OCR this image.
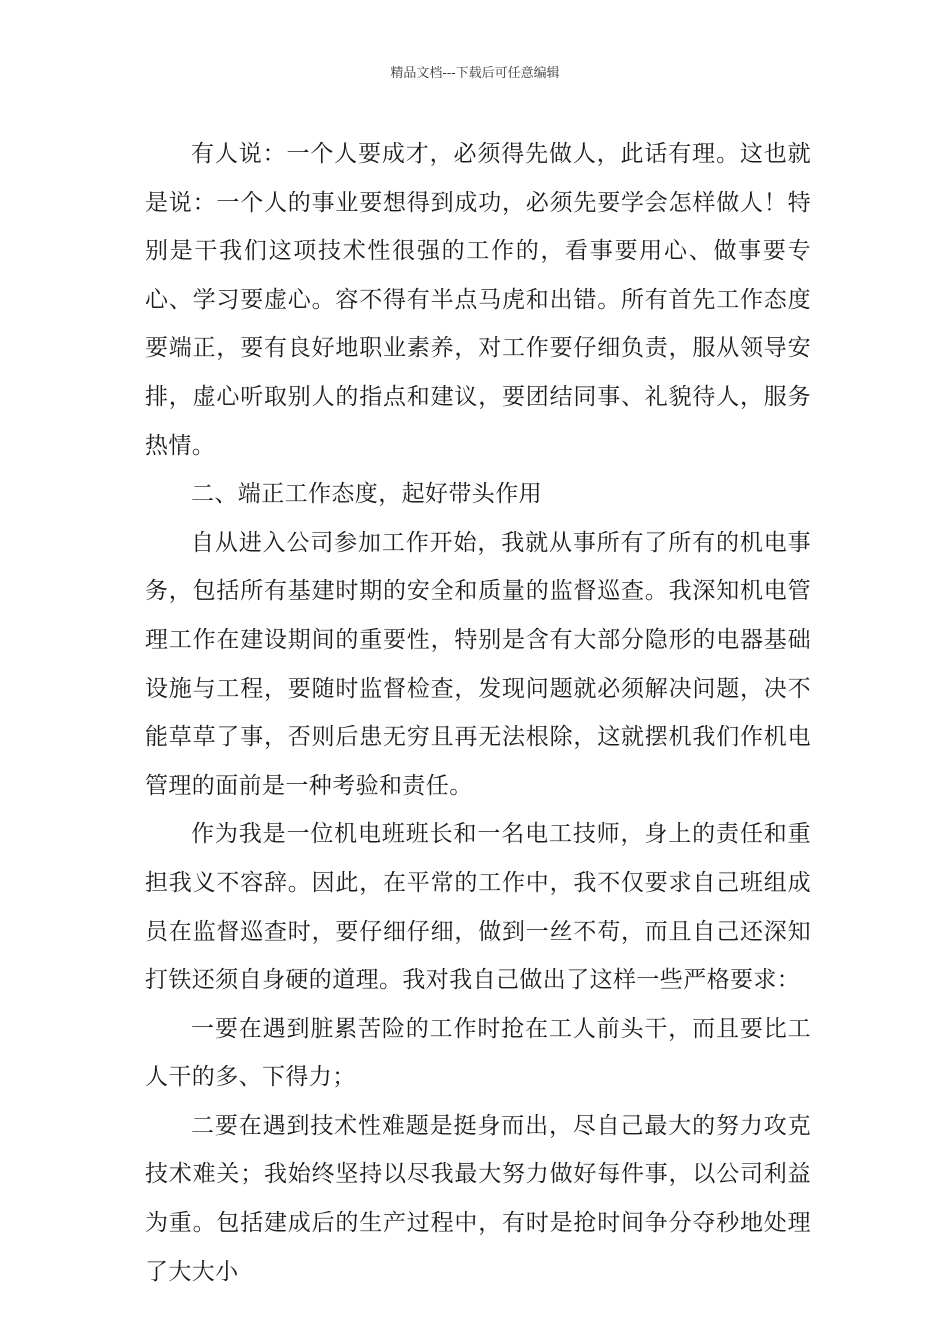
精品文档---下载后可任意编辑

有人说：一个人要成才，必须得先做人，此话有理。这也就是说：一个人的事业要想得到成功，必须先要学会怎样做人！特别是干我们这项技术性很强的工作的，看事要用心、做事要专心、学习要虚心。容不得有半点马虎和出错。所有首先工作态度要端正，要有良好地职业素养，对工作要仔细负责，服从领导安排，虚心听取别人的指点和建议，要团结同事、礼貌待人，服务热情。

二、端正工作态度，起好带头作用

自从进入公司参加工作开始，我就从事所有了所有的机电事务，包括所有基建时期的安全和质量的监督巡查。我深知机电管理工作在建设期间的重要性，特别是含有大部分隐形的电器基础设施与工程，要随时监督检查，发现问题就必须解决问题，决不能草草了事，否则后患无穷且再无法根除，这就摆机我们作机电管理的面前是一种考验和责任。

作为我是一位机电班班长和一名电工技师，身上的责任和重担我义不容辞。因此，在平常的工作中，我不仅要求自己班组成员在监督巡查时，要仔细仔细，做到一丝不苟，而且自己还深知打铁还须自身硬的道理。我对我自己做出了这样一些严格要求：

一要在遇到脏累苦险的工作时抢在工人前头干，而且要比工人干的多、下得力；

二要在遇到技术性难题是挺身而出，尽自己最大的努力攻克技术难关；我始终坚持以尽我最大努力做好每件事，以公司利益为重。包括建成后的生产过程中，有时是抢时间争分夺秒地处理了大大小
